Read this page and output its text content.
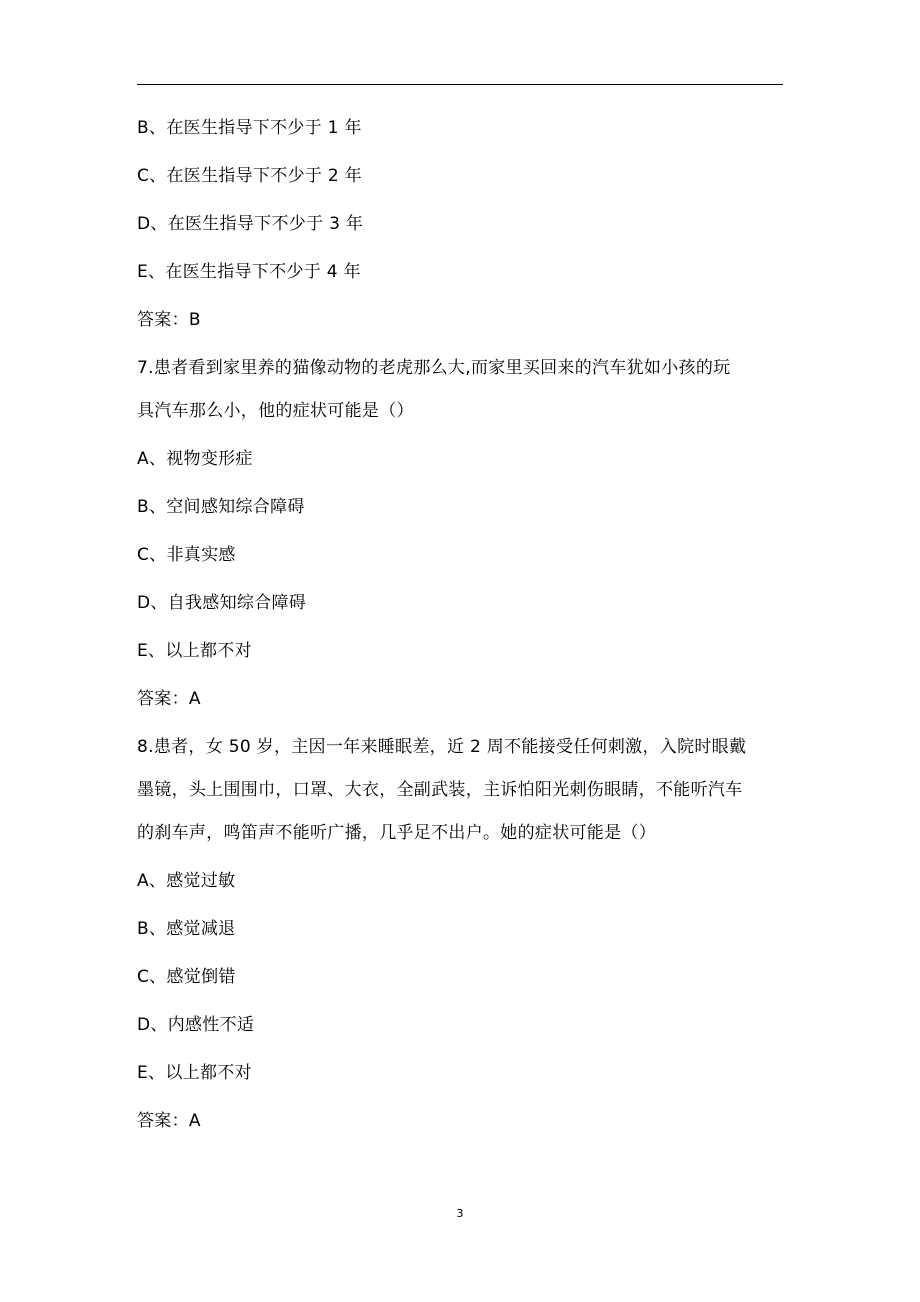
B、在医生指导下不少于 1 年
C、在医生指导下不少于 2 年
D、在医生指导下不少于 3 年
E、在医生指导下不少于 4 年
答案：B
7.患者看到家里养的猫像动物的老虎那么大,而家里买回来的汽车犹如小孩的玩
具汽车那么小，他的症状可能是（）
A、视物变形症
B、空间感知综合障碍
C、非真实感
D、自我感知综合障碍
E、以上都不对
答案：A
8.患者，女 50 岁，主因一年来睡眠差，近 2 周不能接受任何刺激，入院时眼戴
墨镜，头上围围巾，口罩、大衣，全副武装，主诉怕阳光刺伤眼睛，不能听汽车
的刹车声，鸣笛声不能听广播，几乎足不出户。她的症状可能是（）
A、感觉过敏
B、感觉减退
C、感觉倒错
D、内感性不适
E、以上都不对
答案：A
3
